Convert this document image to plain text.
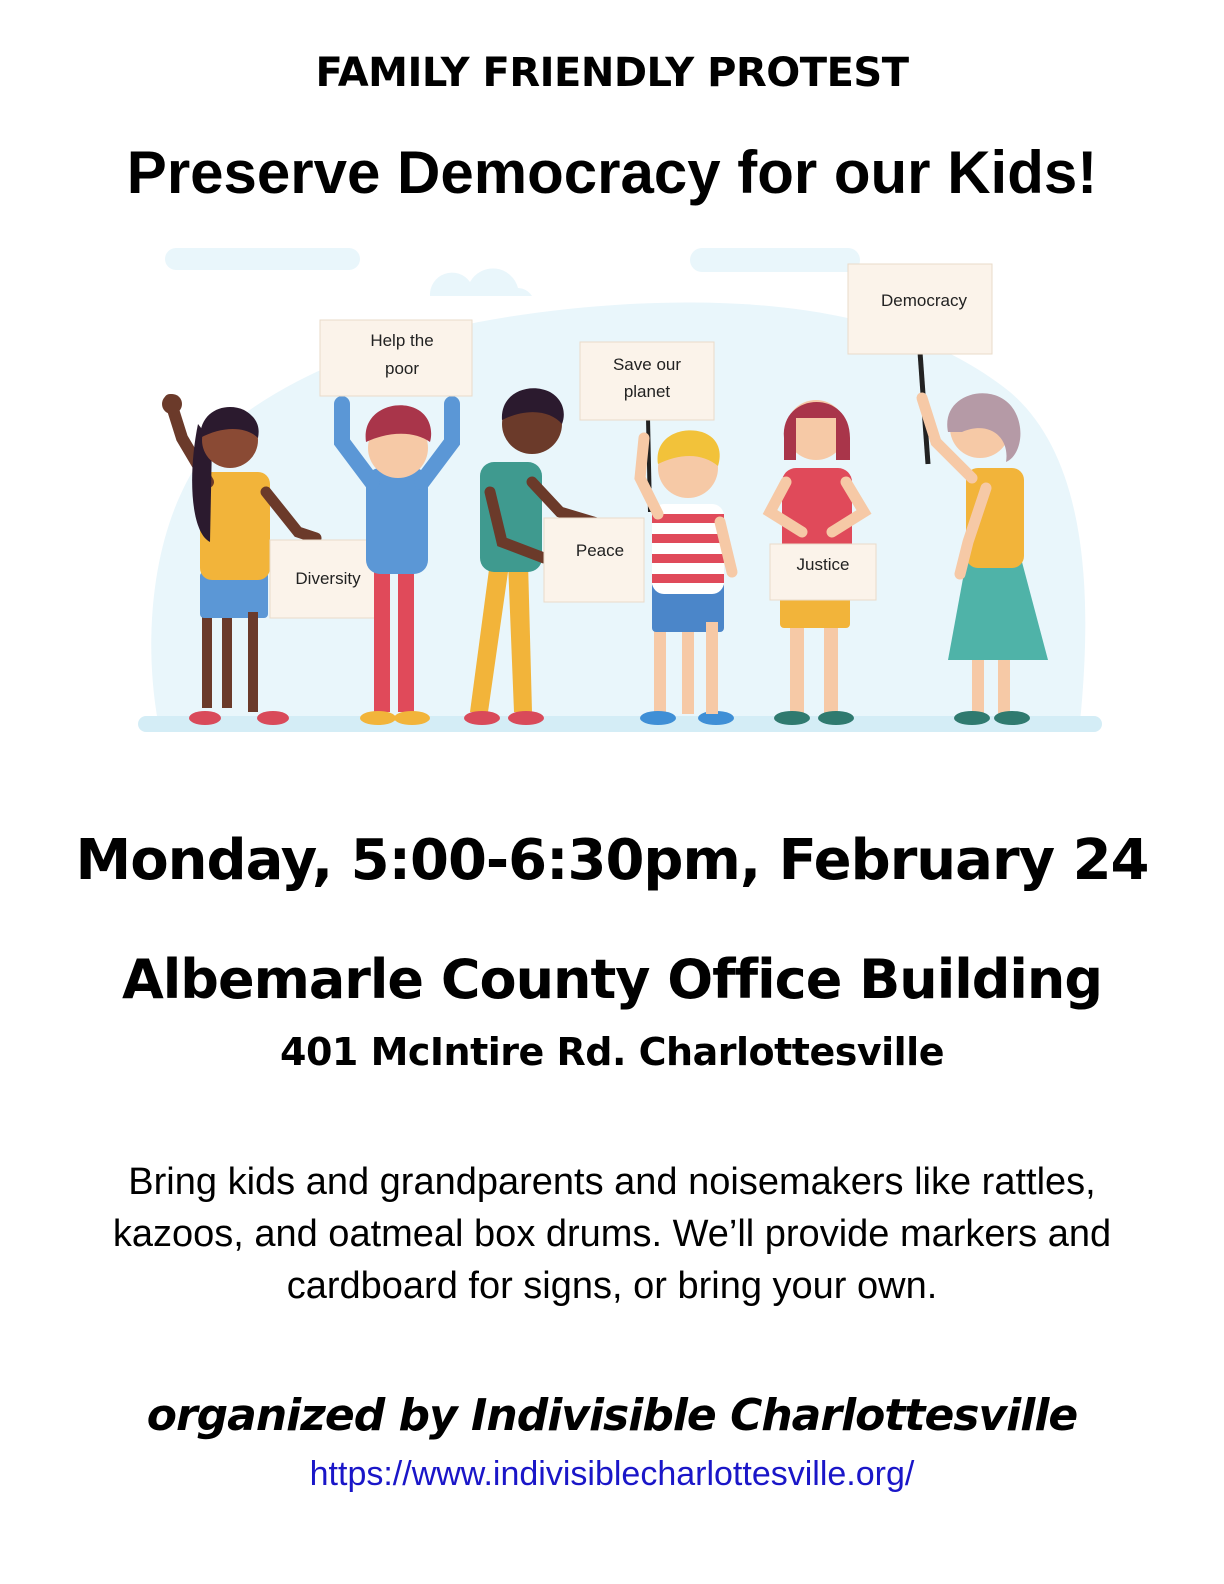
FAMILY FRIENDLY PROTEST
Preserve Democracy for our Kids!
Diversity
Help the
poor
Peace
Save our
planet
Justice
Democracy
Monday, 5:00-6:30pm, February 24
Albemarle County Office Building
401 McIntire Rd. Charlottesville
Bring kids and grandparents and noisemakers like rattles,
kazoos, and oatmeal box drums. We’ll provide markers and
cardboard for signs, or bring your own.
organized by Indivisible Charlottesville
https://www.indivisiblecharlottesville.org/
